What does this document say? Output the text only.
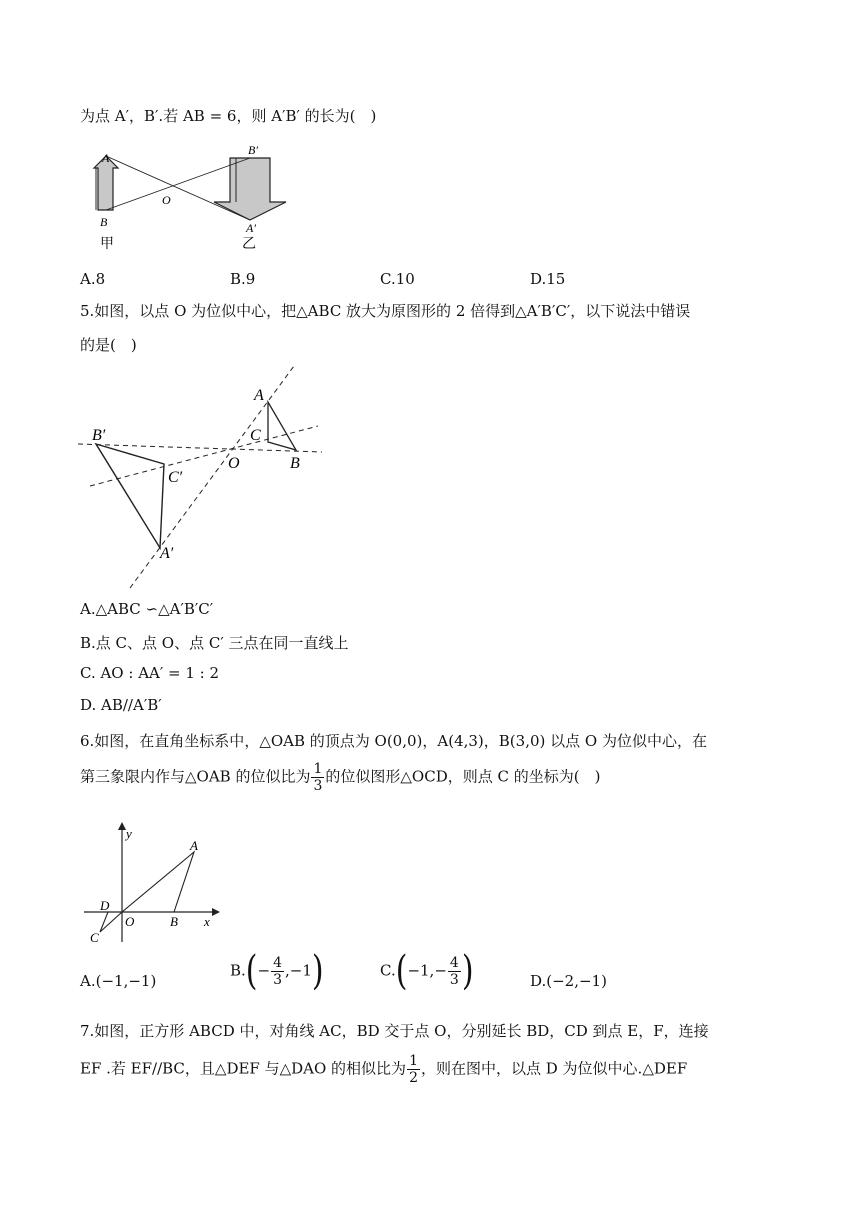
为点 A′，B′.若 AB = 6，则 A′B′ 的长为(　)
A
B
O
B′
A′
甲	乙
A.8	B.9	C.10	D.15
5.如图，以点 O 为位似中心，把△ABC 放大为原图形的 2 倍得到△A′B′C′，以下说法中错误
的是(　)
A
C
B
O
B′
C′
A′
A.△ABC ∽△A′B′C′
B.点 C、点 O、点 C′ 三点在同一直线上
C. AO : AA′ = 1 : 2
D. AB//A′B′
6.如图，在直角坐标系中，△OAB 的顶点为 O(0,0)，A(4,3)，B(3,0) 以点 O 为位似中心，在
第三象限内作与△OAB 的位似比为 $\frac{1}{3}$ 的位似图形△OCD，则点 C 的坐标为(　)
y
x
A
B
O
D
C
A.(−1,−1)
$B.(- \frac{4}{3} ,-1)$	$C.(-1,- \frac{4}{3}$ )	D.(−2,−1)
7.如图，正方形 ABCD 中，对角线 AC，BD 交于点 O，分别延长 BD，CD 到点 E，F，连接
EF .若 EF//BC，且△DEF 与△DAO 的相似比为 $\frac{1}{2}$ ，则在图中，以点 D 为位似中心.△DEF
